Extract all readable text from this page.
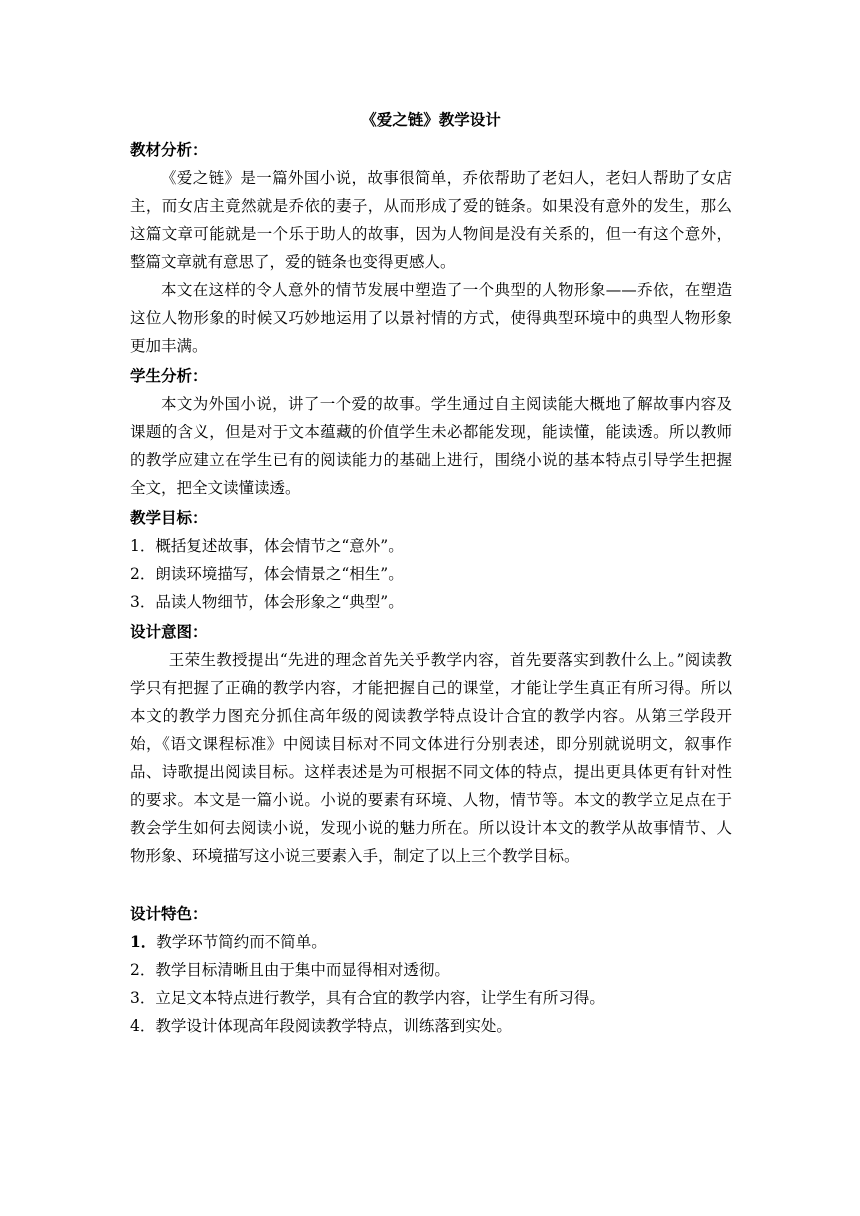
《爱之链》教学设计
教材分析：

《爱之链》是一篇外国小说，故事很简单，乔依帮助了老妇人，老妇人帮助了女店主，而女店主竟然就是乔依的妻子，从而形成了爱的链条。如果没有意外的发生，那么这篇文章可能就是一个乐于助人的故事，因为人物间是没有关系的，但一有这个意外，整篇文章就有意思了，爱的链条也变得更感人。

本文在这样的令人意外的情节发展中塑造了一个典型的人物形象——乔依，在塑造这位人物形象的时候又巧妙地运用了以景衬情的方式，使得典型环境中的典型人物形象更加丰满。

学生分析：

本文为外国小说，讲了一个爱的故事。学生通过自主阅读能大概地了解故事内容及课题的含义，但是对于文本蕴藏的价值学生未必都能发现，能读懂，能读透。所以教师的教学应建立在学生已有的阅读能力的基础上进行，围绕小说的基本特点引导学生把握全文，把全文读懂读透。

教学目标：
1．概括复述故事，体会情节之“意外”。
2．朗读环境描写，体会情景之“相生”。
3．品读人物细节，体会形象之“典型”。
设计意图：

王荣生教授提出“先进的理念首先关乎教学内容，首先要落实到教什么上。”阅读教学只有把握了正确的教学内容，才能把握自己的课堂，才能让学生真正有所习得。所以本文的教学力图充分抓住高年级的阅读教学特点设计合宜的教学内容。从第三学段开始，《语文课程标准》中阅读目标对不同文体进行分别表述，即分别就说明文，叙事作品、诗歌提出阅读目标。这样表述是为可根据不同文体的特点，提出更具体更有针对性的要求。本文是一篇小说。小说的要素有环境、人物，情节等。本文的教学立足点在于教会学生如何去阅读小说，发现小说的魅力所在。所以设计本文的教学从故事情节、人物形象、环境描写这小说三要素入手，制定了以上三个教学目标。

设计特色：
1．教学环节简约而不简单。
2．教学目标清晰且由于集中而显得相对透彻。
3．立足文本特点进行教学，具有合宜的教学内容，让学生有所习得。
4．教学设计体现高年段阅读教学特点，训练落到实处。
